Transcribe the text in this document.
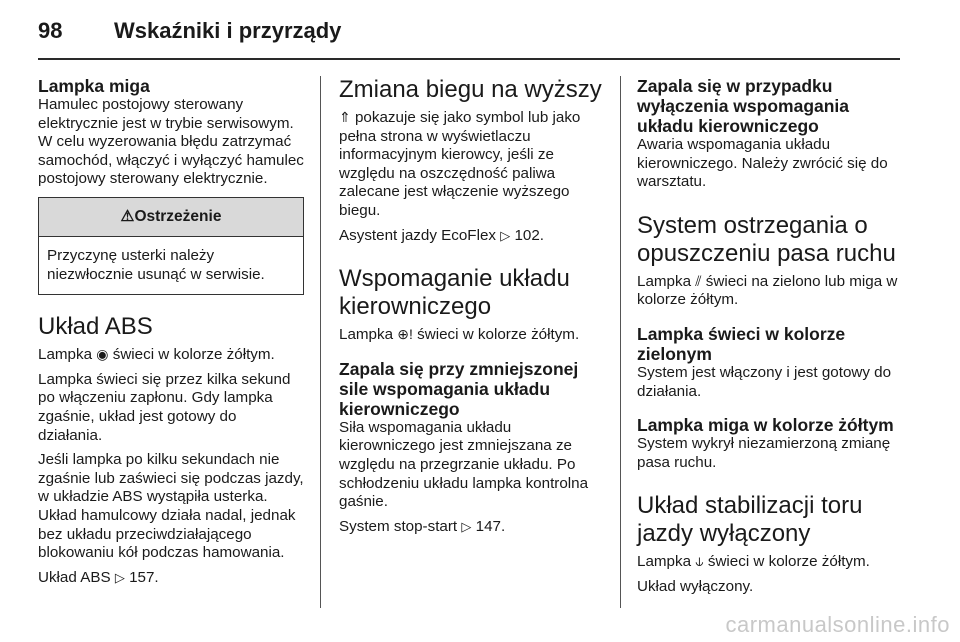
98	Wskaźniki i przyrządy
Lampka miga

Hamulec postojowy sterowany elektrycznie jest w trybie serwisowym. W celu wyzerowania błędu zatrzymać samochód, włączyć i wyłączyć hamulec postojowy sterowany elektrycznie.

⚠Ostrzeżenie
Przyczynę usterki należy niezwłocznie usunąć w serwisie.
Układ ABS

Lampka ◉ świeci w kolorze żółtym.

Lampka świeci się przez kilka sekund po włączeniu zapłonu. Gdy lampka zgaśnie, układ jest gotowy do działania.

Jeśli lampka po kilku sekundach nie zgaśnie lub zaświeci się podczas jazdy, w układzie ABS wystąpiła usterka. Układ hamulcowy działa nadal, jednak bez układu przeciwdziałającego blokowaniu kół podczas hamowania.

Układ ABS ▷ 157.

Zmiana biegu na wyższy

⇑ pokazuje się jako symbol lub jako pełna strona w wyświetlaczu informacyjnym kierowcy, jeśli ze względu na oszczędność paliwa zalecane jest włączenie wyższego biegu.

Asystent jazdy EcoFlex ▷ 102.

Wspomaganie układu kierowniczego

Lampka ⊕! świeci w kolorze żółtym.

Zapala się przy zmniejszonej sile wspomagania układu kierowniczego

Siła wspomagania układu kierowniczego jest zmniejszana ze względu na przegrzanie układu. Po schłodzeniu układu lampka kontrolna gaśnie.

System stop-start ▷ 147.

Zapala się w przypadku wyłączenia wspomagania układu kierowniczego

Awaria wspomagania układu kierowniczego. Należy zwrócić się do warsztatu.

System ostrzegania o opuszczeniu pasa ruchu

Lampka ⫽ świeci na zielono lub miga w kolorze żółtym.

Lampka świeci w kolorze zielonym

System jest włączony i jest gotowy do działania.

Lampka miga w kolorze żółtym

System wykrył niezamierzoną zmianę pasa ruchu.

Układ stabilizacji toru jazdy wyłączony

Lampka ⫝ świeci w kolorze żółtym.

Układ wyłączony.

carmanualsonline.info
